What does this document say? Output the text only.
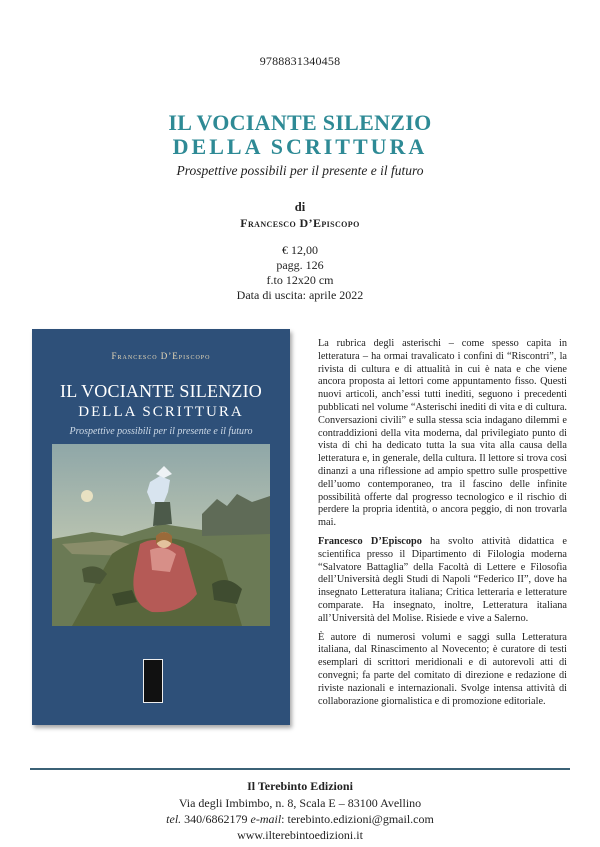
9788831340458
IL VOCIANTE SILENZIO
DELLA SCRITTURA
Prospettive possibili per il presente e il futuro
di
Francesco D’Episcopo
€ 12,00
pagg. 126
f.to 12x20 cm
Data di uscita: aprile 2022
Francesco D’Episcopo
IL VOCIANTE SILENZIO
DELLA SCRITTURA
Prospettive possibili per il presente e il futuro

La rubrica degli asterischi – come spesso capita in letteratura – ha ormai travalicato i confini di “Riscontri”, la rivista di cultura e di attualità in cui è nata e che viene ancora proposta ai lettori come appuntamento fisso. Questi nuovi articoli, anch’essi tutti inediti, seguono i precedenti pubblicati nel volume “Asterischi inediti di vita e di cultura. Conversazioni civili” e sulla stessa scia indagano dilemmi e contraddizioni della vita moderna, dal privilegiato punto di vista di chi ha dedicato tutta la sua vita alla causa della letteratura e, in generale, della cultura. Il lettore si trova così dinanzi a una riflessione ad ampio spettro sulle prospettive dell’uomo contemporaneo, tra il fascino delle infinite possibilità offerte dal progresso tecnologico e il rischio di perdere la propria identità, o ancora peggio, di non trovarla mai.

Francesco D’Episcopo ha svolto attività didattica e scientifica presso il Dipartimento di Filologia moderna “Salvatore Battaglia” della Facoltà di Lettere e Filosofia dell’Università degli Studi di Napoli “Federico II”, dove ha insegnato Letteratura italiana; Critica letteraria e letterature comparate. Ha insegnato, inoltre, Letteratura italiana all’Università del Molise. Risiede e vive a Salerno.

È autore di numerosi volumi e saggi sulla Letteratura italiana, dal Rinascimento al Novecento; è curatore di testi esemplari di scrittori meridionali e di autorevoli atti di convegni; fa parte del comitato di direzione e redazione di riviste nazionali e internazionali. Svolge intensa attività di collaborazione giornalistica e di promozione editoriale.

Il Terebinto Edizioni
Via degli Imbimbo, n. 8, Scala E – 83100 Avellino
tel. 340/6862179 e-mail: terebinto.edizioni@gmail.com
www.ilterebintoedizioni.it
